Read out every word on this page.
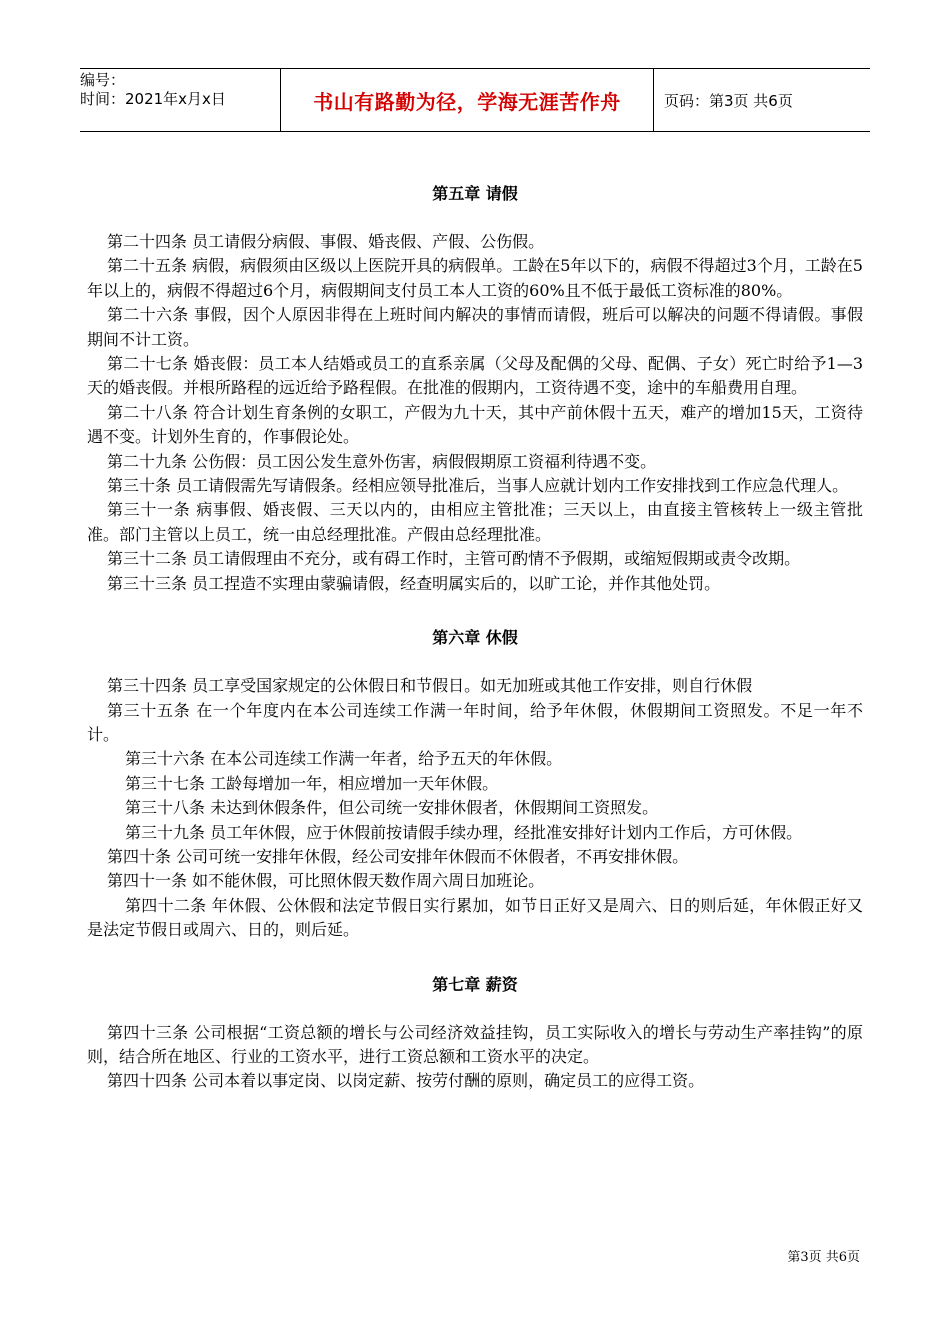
编号：
时间：2021年x月x日	书山有路勤为径，学海无涯苦作舟	页码：第3页 共6页
第五章 请假

第二十四条 员工请假分病假、事假、婚丧假、产假、公伤假。

第二十五条 病假，病假须由区级以上医院开具的病假单。工龄在5年以下的，病假不得超过3个月，工龄在5年以上的，病假不得超过6个月，病假期间支付员工本人工资的60%且不低于最低工资标准的80%。

第二十六条 事假，因个人原因非得在上班时间内解决的事情而请假，班后可以解决的问题不得请假。事假期间不计工资。

第二十七条 婚丧假：员工本人结婚或员工的直系亲属（父母及配偶的父母、配偶、子女）死亡时给予1—3天的婚丧假。并根所路程的远近给予路程假。在批准的假期内，工资待遇不变，途中的车船费用自理。

第二十八条 符合计划生育条例的女职工，产假为九十天，其中产前休假十五天，难产的增加15天，工资待遇不变。计划外生育的，作事假论处。

第二十九条 公伤假：员工因公发生意外伤害，病假假期原工资福利待遇不变。

第三十条 员工请假需先写请假条。经相应领导批准后，当事人应就计划内工作安排找到工作应急代理人。

第三十一条 病事假、婚丧假、三天以内的，由相应主管批准；三天以上，由直接主管核转上一级主管批准。部门主管以上员工，统一由总经理批准。产假由总经理批准。

第三十二条 员工请假理由不充分，或有碍工作时，主管可酌情不予假期，或缩短假期或责令改期。

第三十三条 员工捏造不实理由蒙骗请假，经查明属实后的，以旷工论，并作其他处罚。

第六章 休假

第三十四条 员工享受国家规定的公休假日和节假日。如无加班或其他工作安排，则自行休假

第三十五条 在一个年度内在本公司连续工作满一年时间，给予年休假，休假期间工资照发。不足一年不计。

第三十六条 在本公司连续工作满一年者，给予五天的年休假。

第三十七条 工龄每增加一年，相应增加一天年休假。

第三十八条 未达到休假条件，但公司统一安排休假者，休假期间工资照发。

第三十九条 员工年休假，应于休假前按请假手续办理，经批准安排好计划内工作后，方可休假。

第四十条 公司可统一安排年休假，经公司安排年休假而不休假者，不再安排休假。

第四十一条 如不能休假，可比照休假天数作周六周日加班论。

第四十二条 年休假、公休假和法定节假日实行累加，如节日正好又是周六、日的则后延，年休假正好又是法定节假日或周六、日的，则后延。

第七章 薪资

第四十三条 公司根据“工资总额的增长与公司经济效益挂钩，员工实际收入的增长与劳动生产率挂钩”的原则，结合所在地区、行业的工资水平，进行工资总额和工资水平的决定。

第四十四条 公司本着以事定岗、以岗定薪、按劳付酬的原则，确定员工的应得工资。

第3页 共6页
